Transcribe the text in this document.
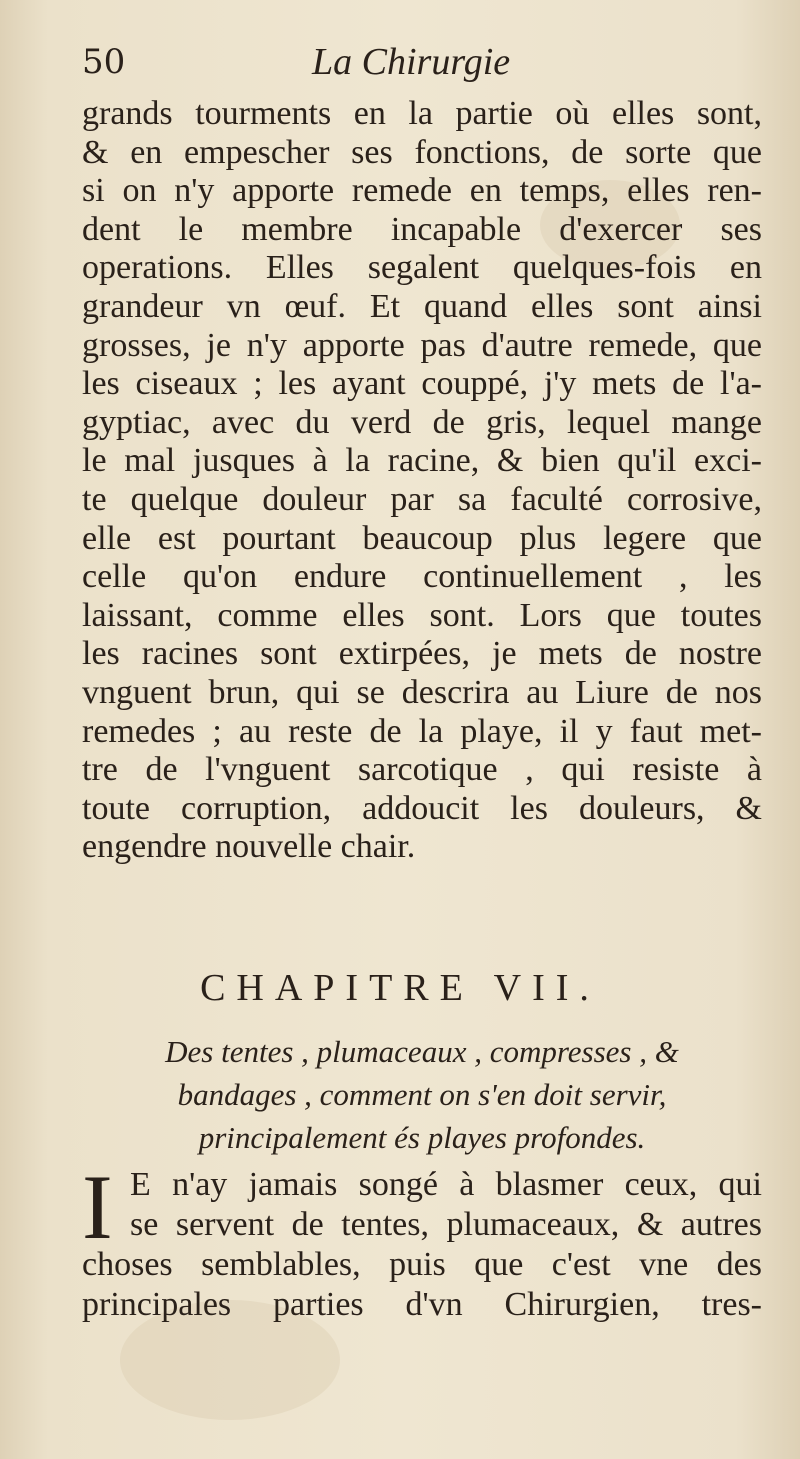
50	La Chirurgie
grands tourments en la partie où elles sont,
& en empescher ses fonctions, de sorte que
si on n'y apporte remede en temps, elles ren-
dent le membre incapable d'exercer ses
operations. Elles segalent quelques-fois en
grandeur vn œuf. Et quand elles sont ainsi
grosses, je n'y apporte pas d'autre remede, que
les ciseaux ; les ayant couppé, j'y mets de l'a-
gyptiac, avec du verd de gris, lequel mange
le mal jusques à la racine, & bien qu'il exci-
te quelque douleur par sa faculté corrosive,
elle est pourtant beaucoup plus legere que
celle qu'on endure continuellement , les
laissant, comme elles sont. Lors que toutes
les racines sont extirpées, je mets de nostre
vnguent brun, qui se descrira au Liure de nos
remedes ; au reste de la playe, il y faut met-
tre de l'vnguent sarcotique , qui resiste à
toute corruption, addoucit les douleurs, &
engendre nouvelle chair.
CHAPITRE VII.
Des tentes , plumaceaux , compresses , &
bandages , comment on s'en doit servir,
principalement és playes profondes.
I E n'ay jamais songé à blasmer ceux, qui
se servent de tentes, plumaceaux, & autres
choses semblables, puis que c'est vne des
principales parties d'vn Chirurgien, tres-
